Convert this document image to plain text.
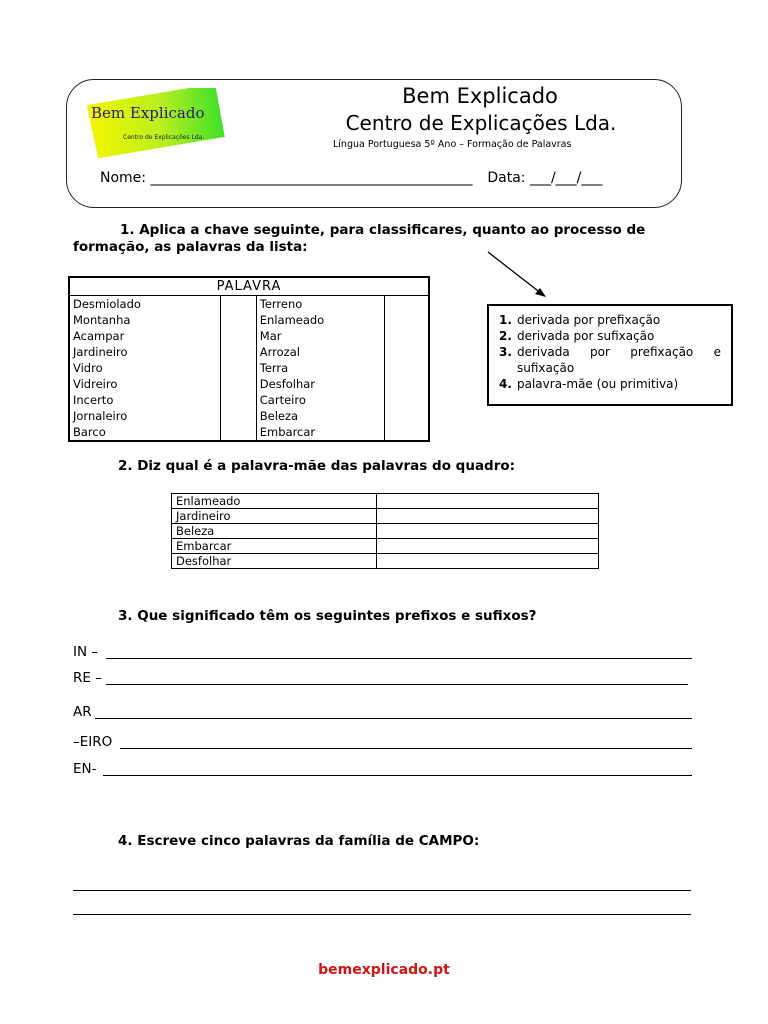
Bem Explicado
Centro de Explicações Lda.
Bem Explicado
Centro de Explicações Lda.
Língua Portuguesa 5º Ano – Formação de Palavras
Nome: ______________________________________________ Data: ___/___/___
1. Aplica a chave seguinte, para classificares, quanto ao processo de
formação, as palavras da lista:
PALAVRA			
Desmiolado		Terreno	
Montanha		Enlameado	
Acampar		Mar	
Jardineiro		Arrozal	
Vidro		Terra	
Vidreiro		Desfolhar	
Incerto		Carteiro	
Jornaleiro		Beleza	
Barco		Embarcar	
1. derivada por prefixação
2. derivada por sufixação
3. derivada por prefixação e sufixação
4. palavra-mãe (ou primitiva)
2. Diz qual é a palavra-mãe das palavras do quadro:
Enlameado	
Jardineiro	
Beleza	
Embarcar	
Desfolhar	
3. Que significado têm os seguintes prefixos e sufixos?
IN –
RE –
AR
–EIRO
EN-
4. Escreve cinco palavras da família de CAMPO:
bemexplicado.pt
